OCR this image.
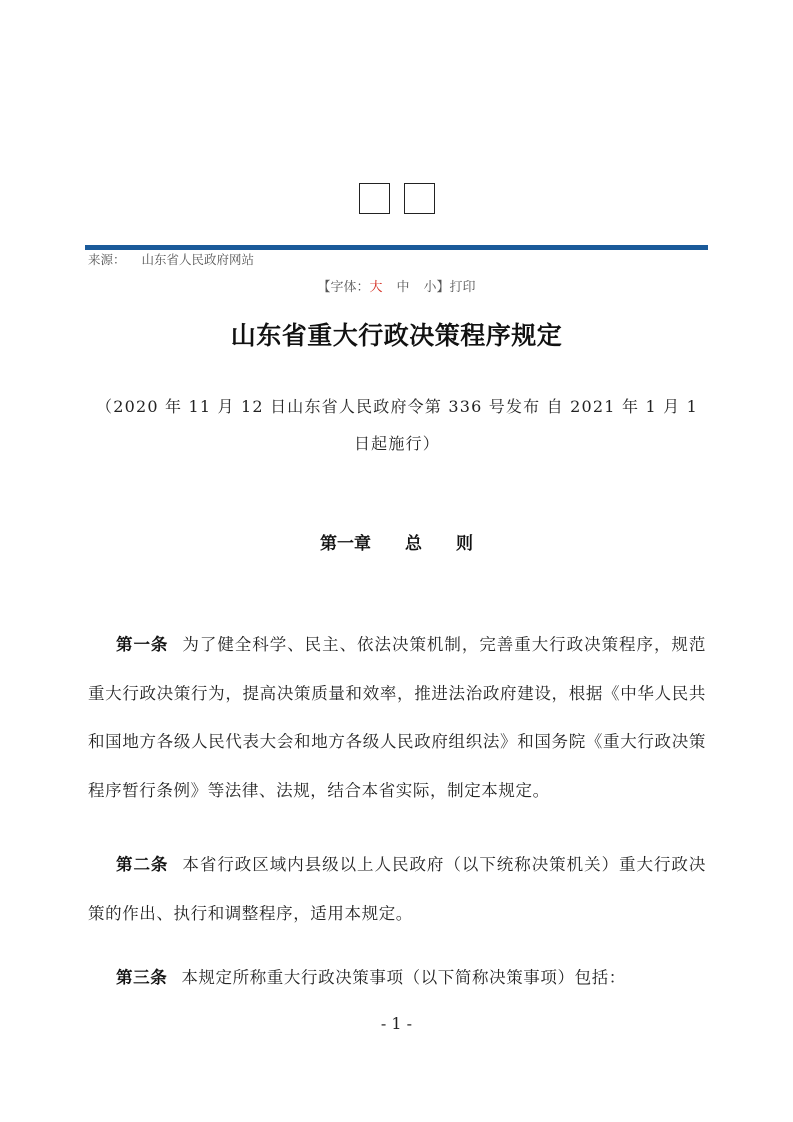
来源： 山东省人民政府网站
【字体：大 中 小】打印
山东省重大行政决策程序规定
（2020 年 11 月 12 日山东省人民政府令第 336 号发布 自 2021 年 1 月 1 日起施行）
第一章　　总　　则

第一条 为了健全科学、民主、依法决策机制，完善重大行政决策程序，规范重大行政决策行为，提高决策质量和效率，推进法治政府建设，根据《中华人民共和国地方各级人民代表大会和地方各级人民政府组织法》和国务院《重大行政决策程序暂行条例》等法律、法规，结合本省实际，制定本规定。

第二条 本省行政区域内县级以上人民政府（以下统称决策机关）重大行政决策的作出、执行和调整程序，适用本规定。

第三条 本规定所称重大行政决策事项（以下简称决策事项）包括：

- 1 -
